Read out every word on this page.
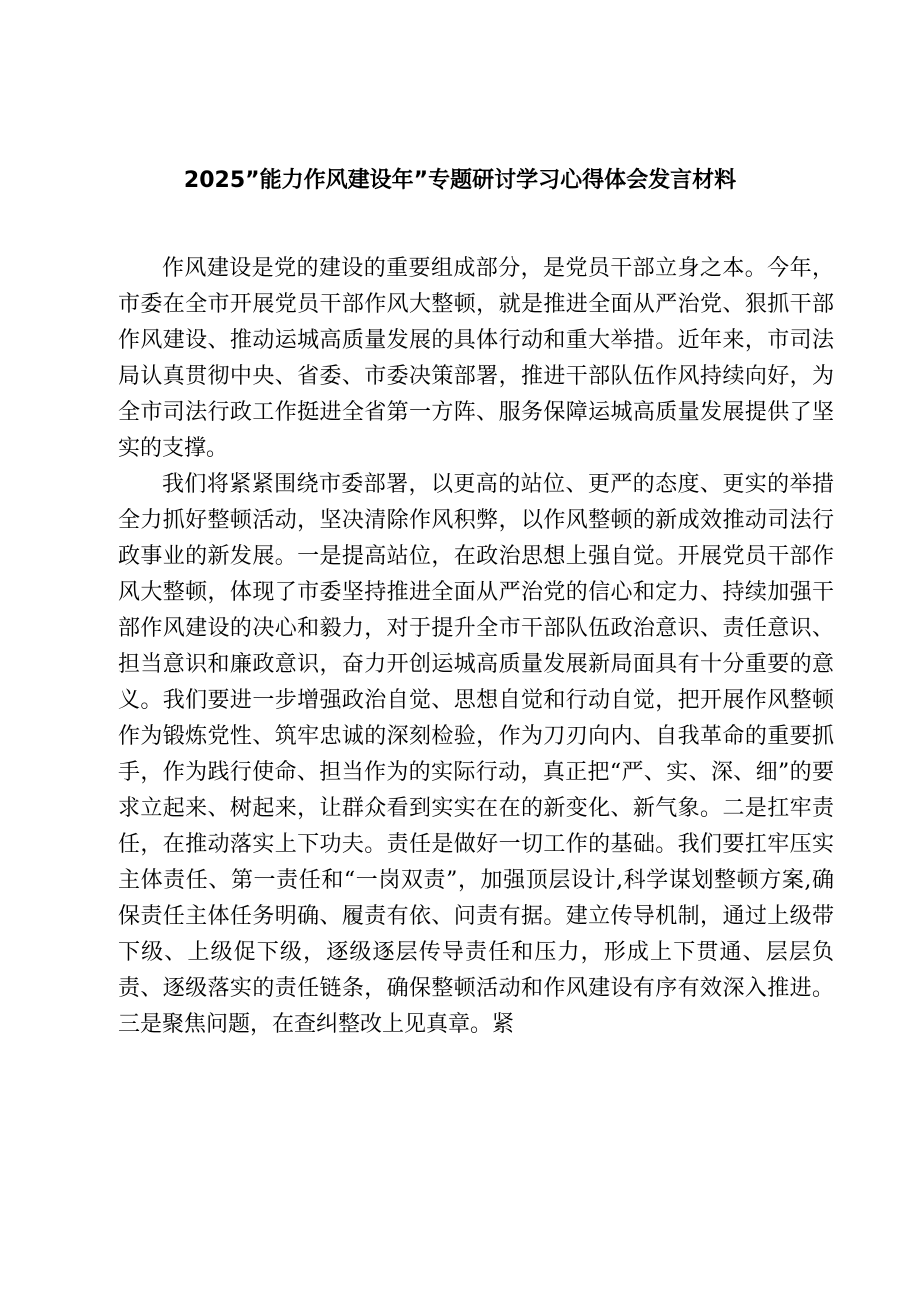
2025”能力作风建设年”专题研讨学习心得体会发言材料

作风建设是党的建设的重要组成部分，是党员干部立身之本。今年，市委在全市开展党员干部作风大整顿，就是推进全面从严治党、狠抓干部作风建设、推动运城高质量发展的具体行动和重大举措。近年来，市司法局认真贯彻中央、省委、市委决策部署，推进干部队伍作风持续向好，为全市司法行政工作挺进全省第一方阵、服务保障运城高质量发展提供了坚实的支撑。

我们将紧紧围绕市委部署，以更高的站位、更严的态度、更实的举措全力抓好整顿活动，坚决清除作风积弊，以作风整顿的新成效推动司法行政事业的新发展。一是提高站位，在政治思想上强自觉。开展党员干部作风大整顿，体现了市委坚持推进全面从严治党的信心和定力、持续加强干部作风建设的决心和毅力，对于提升全市干部队伍政治意识、责任意识、担当意识和廉政意识，奋力开创运城高质量发展新局面具有十分重要的意义。我们要进一步增强政治自觉、思想自觉和行动自觉，把开展作风整顿作为锻炼党性、筑牢忠诚的深刻检验，作为刀刃向内、自我革命的重要抓手，作为践行使命、担当作为的实际行动，真正把“严、实、深、细”的要求立起来、树起来，让群众看到实实在在的新变化、新气象。二是扛牢责任，在推动落实上下功夫。责任是做好一切工作的基础。我们要扛牢压实主体责任、第一责任和“一岗双责”，加强顶层设计,科学谋划整顿方案,确保责任主体任务明确、履责有依、问责有据。建立传导机制，通过上级带下级、上级促下级，逐级逐层传导责任和压力，形成上下贯通、层层负责、逐级落实的责任链条，确保整顿活动和作风建设有序有效深入推进。三是聚焦问题，在查纠整改上见真章。紧
